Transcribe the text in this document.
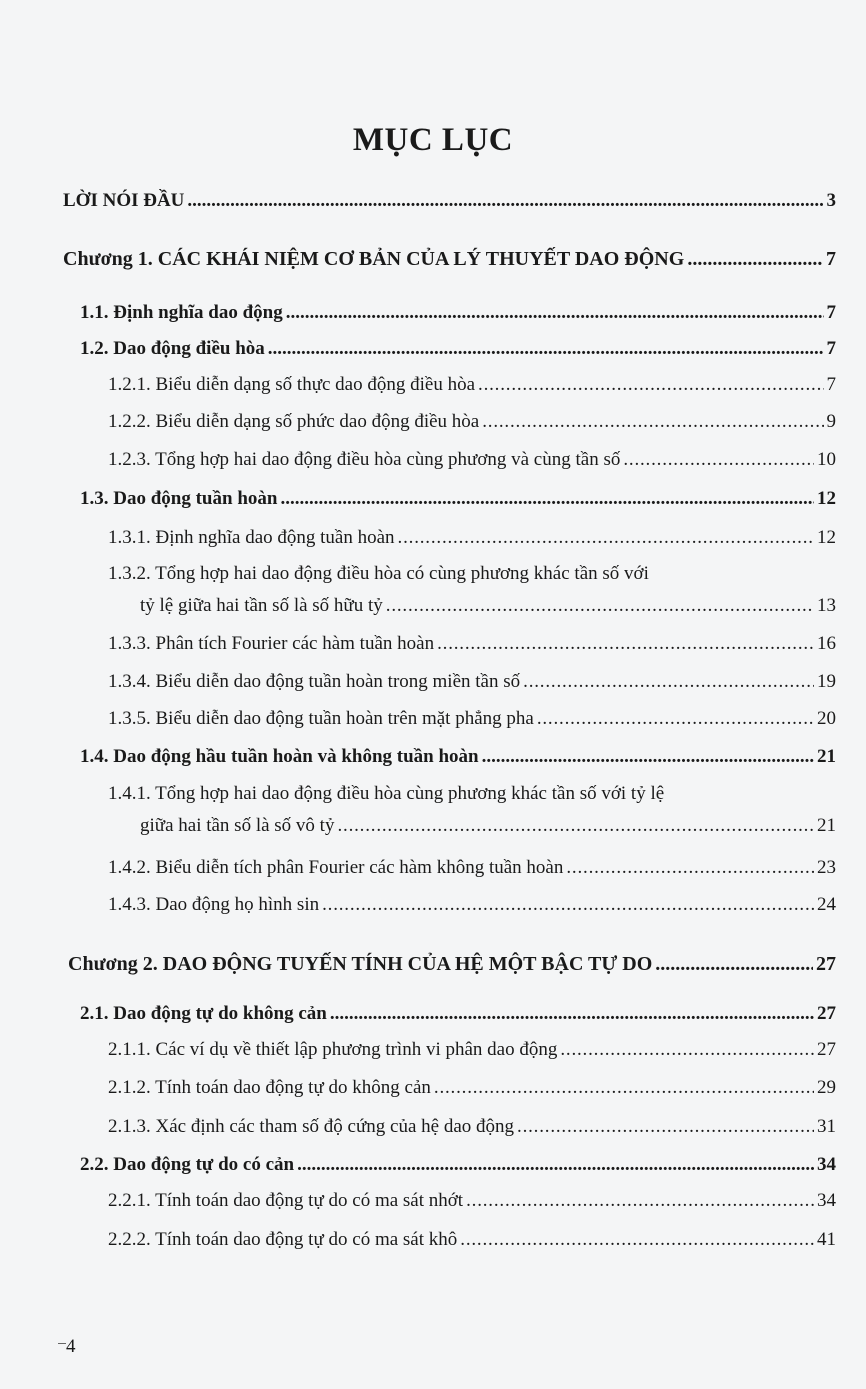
MỤC LỤC
LỜI NÓI ĐẦU .....	3
Chương 1. CÁC KHÁI NIỆM CƠ BẢN CỦA LÝ THUYẾT DAO ĐỘNG .....	7
1.1. Định nghĩa dao động .....	7
1.2. Dao động điều hòa .....	7
1.2.1. Biểu diễn dạng số thực dao động điều hòa .....	7
1.2.2. Biểu diễn dạng số phức dao động điều hòa .....	9
1.2.3. Tổng hợp hai dao động điều hòa cùng phương và cùng tần số .....	10
1.3. Dao động tuần hoàn .....	12
1.3.1. Định nghĩa dao động tuần hoàn .....	12
1.3.2. Tổng hợp hai dao động điều hòa có cùng phương khác tần số với
tỷ lệ giữa hai tần số là số hữu tỷ .....	13
1.3.3. Phân tích Fourier các hàm tuần hoàn .....	16
1.3.4. Biểu diễn dao động tuần hoàn trong miền tần số .....	19
1.3.5. Biểu diễn dao động tuần hoàn trên mặt phẳng pha .....	20
1.4. Dao động hầu tuần hoàn và không tuần hoàn .....	21
1.4.1. Tổng hợp hai dao động điều hòa cùng phương khác tần số với tỷ lệ
giữa hai tần số là số vô tỷ .....	21
1.4.2. Biểu diễn tích phân Fourier các hàm không tuần hoàn .....	23
1.4.3. Dao động họ hình sin .....	24
Chương 2. DAO ĐỘNG TUYẾN TÍNH CỦA HỆ MỘT BẬC TỰ DO .....	27
2.1. Dao động tự do không cản .....	27
2.1.1. Các ví dụ về thiết lập phương trình vi phân dao động .....	27
2.1.2. Tính toán dao động tự do không cản .....	29
2.1.3. Xác định các tham số độ cứng của hệ dao động .....	31
2.2. Dao động tự do có cản .....	34
2.2.1. Tính toán dao động tự do có ma sát nhớt .....	34
2.2.2. Tính toán dao động tự do có ma sát khô .....	41
4
